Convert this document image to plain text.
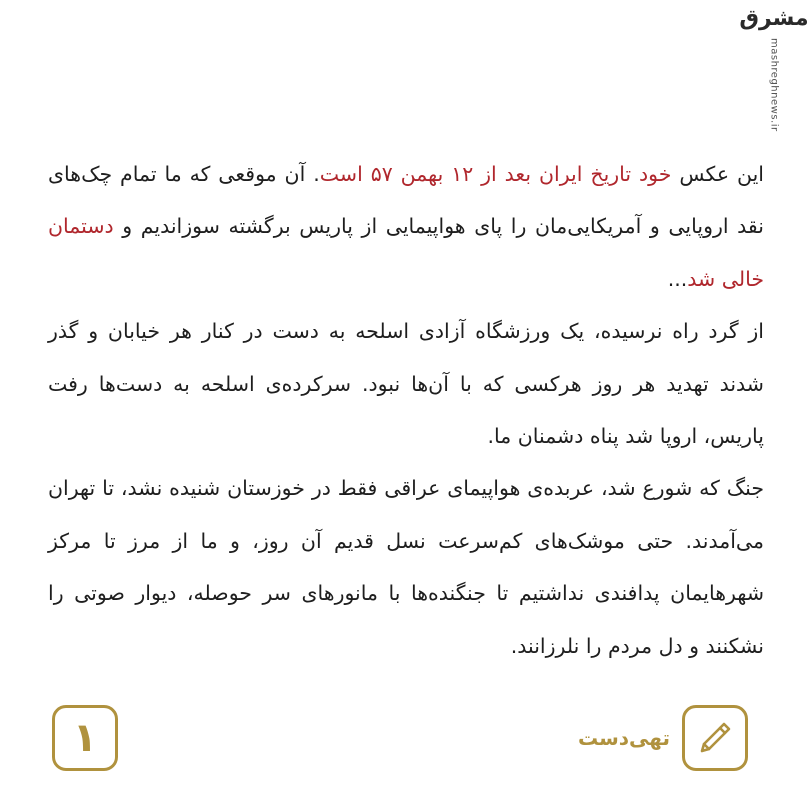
مشرق
mashreghnews.ir

این عکس خود تاریخ ایران بعد از ۱۲ بهمن ۵۷ است. آن موقعی که ما تمام چک‌های نقد اروپایی و آمریکایی‌مان را پای هواپیمایی از پاریس برگشته سوزاندیم و دستمان خالی شد...

از گرد راه نرسیده، یک ورزشگاه آزادی اسلحه به دست در کنار هر خیابان و گذر شدند تهدید هر روز هرکسی که با آن‌ها نبود. سرکرده‌ی اسلحه به دست‌ها رفت پاریس، اروپا شد پناه دشمنان ما.

جنگ که شورع شد، عربده‌ی هواپیمای عراقی فقط در خوزستان شنیده نشد، تا تهران می‌آمدند. حتی موشک‌های کم‌سرعت نسل قدیم آن روز، و ما از مرز تا مرکز شهرهایمان پدافندی نداشتیم تا جنگنده‌ها با مانورهای سر حوصله، دیوار صوتی را نشکنند و دل مردم را نلرزانند.

۱	تهی‌دست
